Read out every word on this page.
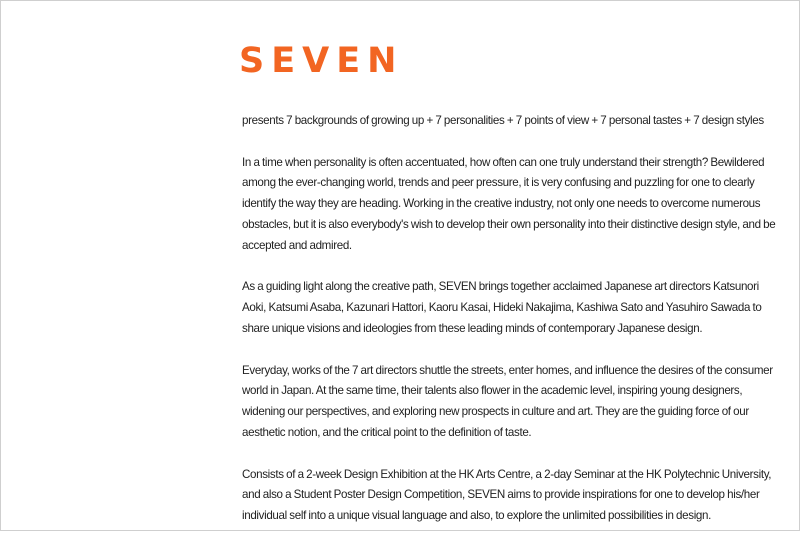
SEVEN

presents 7 backgrounds of growing up + 7 personalities + 7 points of view + 7 personal tastes + 7 design styles

In a time when personality is often accentuated, how often can one truly understand their strength? Bewildered among the ever-changing world, trends and peer pressure, it is very confusing and puzzling for one to clearly identify the way they are heading. Working in the creative industry, not only one needs to overcome numerous obstacles, but it is also everybody's wish to develop their own personality into their distinctive design style, and be accepted and admired.

As a guiding light along the creative path, SEVEN brings together acclaimed Japanese art directors Katsunori Aoki, Katsumi Asaba, Kazunari Hattori, Kaoru Kasai, Hideki Nakajima, Kashiwa Sato and Yasuhiro Sawada to share unique visions and ideologies from these leading minds of contemporary Japanese design.

Everyday, works of the 7 art directors shuttle the streets, enter homes, and influence the desires of the consumer world in Japan. At the same time, their talents also flower in the academic level, inspiring young designers, widening our perspectives, and exploring new prospects in culture and art. They are the guiding force of our aesthetic notion, and the critical point to the definition of taste.

Consists of a 2-week Design Exhibition at the HK Arts Centre, a 2-day Seminar at the HK Polytechnic University, and also a Student Poster Design Competition, SEVEN aims to provide inspirations for one to develop his/her individual self into a unique visual language and also, to explore the unlimited possibilities in design.
